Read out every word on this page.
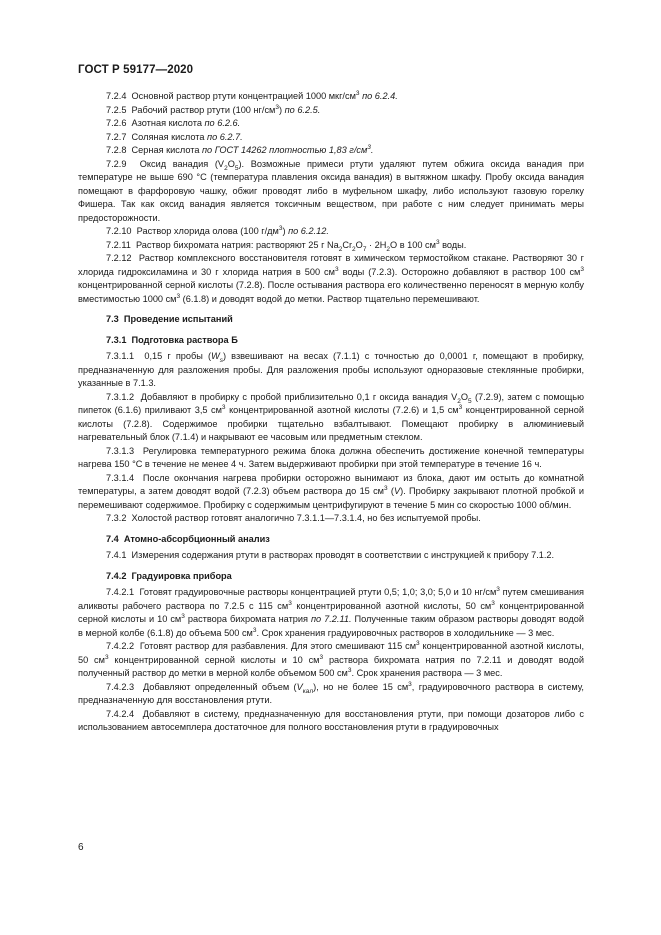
ГОСТ Р 59177—2020
7.2.4  Основной раствор ртути концентрацией 1000 мкг/$см^3$ по 6.2.4.
7.2.5  Рабочий раствор ртути (100 $нг/см^3$) по 6.2.5.
7.2.6  Азотная кислота по 6.2.6.
7.2.7  Соляная кислота по 6.2.7.
7.2.8  Серная кислота по ГОСТ 14262 плотностью 1,83 $г/см^3$.
7.2.9  Оксид ванадия $(V_2O_5)$. Возможные примеси ртути удаляют путем обжига оксида ванадия при температуре не выше 690 °С (температура плавления оксида ванадия) в вытяжном шкафу. Пробу оксида ванадия помещают в фарфоровую чашку, обжиг проводят либо в муфельном шкафу, либо используют газовую горелку Фишера. Так как оксид ванадия является токсичным веществом, при работе с ним следует принимать меры предосторожности.
7.2.10  Раствор хлорида олова (100 $г/дм^3$) по 6.2.12.
7.2.11  Раствор бихромата натрия: растворяют 25 г $Na_2Cr_2O_7 \cdot 2H_2O$ в 100 $см^3$ воды.
7.2.12  Раствор комплексного восстановителя готовят в химическом термостойком стакане. Растворяют 30 г хлорида гидроксиламина и 30 г хлорида натрия в 500 $см^3$ воды (7.2.3). Осторожно добавляют в раствор 100 $см^3$ концентрированной серной кислоты (7.2.8). После остывания раствора его количественно переносят в мерную колбу вместимостью 1000 $см^3$ (6.1.8) и доводят водой до метки. Раствор тщательно перемешивают.
7.3  Проведение испытаний
7.3.1  Подготовка раствора Б
7.3.1.1  0,15 г пробы $(W_s)$ взвешивают на весах (7.1.1) с точностью до 0,0001 г, помещают в пробирку, предназначенную для разложения пробы. Для разложения пробы используют одноразовые стеклянные пробирки, указанные в 7.1.3.
7.3.1.2  Добавляют в пробирку с пробой приблизительно 0,1 г оксида ванадия $V_2O_5$ (7.2.9), затем с помощью пипеток (6.1.6) приливают 3,5 $см^3$ концентрированной азотной кислоты (7.2.6) и 1,5 $см^3$ концентрированной серной кислоты (7.2.8). Содержимое пробирки тщательно взбалтывают. Помещают пробирку в алюминиевый нагревательный блок (7.1.4) и накрывают ее часовым или предметным стеклом.
7.3.1.3  Регулировка температурного режима блока должна обеспечить достижение конечной температуры нагрева 150 °С в течение не менее 4 ч. Затем выдерживают пробирки при этой температуре в течение 16 ч.
7.3.1.4  После окончания нагрева пробирки осторожно вынимают из блока, дают им остыть до комнатной температуры, а затем доводят водой (7.2.3) объем раствора до 15 $см^3$ (V). Пробирку закрывают плотной пробкой и перемешивают содержимое. Пробирку с содержимым центрифугируют в течение 5 мин со скоростью 1000 об/мин.
7.3.2  Холостой раствор готовят аналогично 7.3.1.1—7.3.1.4, но без испытуемой пробы.
7.4  Атомно-абсорбционный анализ
7.4.1  Измерения содержания ртути в растворах проводят в соответствии с инструкцией к прибору 7.1.2.
7.4.2  Градуировка прибора
7.4.2.1  Готовят градуировочные растворы концентрацией ртути 0,5; 1,0; 3,0; 5,0 и 10 $нг/см^3$ путем смешивания аликвоты рабочего раствора по 7.2.5 с 115 $см^3$ концентрированной азотной кислоты, 50 $см^3$ концентрированной серной кислоты и 10 $см^3$ раствора бихромата натрия по 7.2.11. Полученные таким образом растворы доводят водой в мерной колбе (6.1.8) до объема 500 $см^3$. Срок хранения градуировочных растворов в холодильнике — 3 мес.
7.4.2.2  Готовят раствор для разбавления. Для этого смешивают 115 $см^3$ концентрированной азотной кислоты, 50 $см^3$ концентрированной серной кислоты и 10 $см^3$ раствора бихромата натрия по 7.2.11 и доводят водой полученный раствор до метки в мерной колбе объемом 500 $см^3$. Срок хранения раствора — 3 мес.
7.4.2.3  Добавляют определенный объем $(V_{кал})$, но не более 15 $см^3$, градуировочного раствора в систему, предназначенную для восстановления ртути.
7.4.2.4  Добавляют в систему, предназначенную для восстановления ртути, при помощи дозаторов либо с использованием автосемплера достаточное для полного восстановления ртути в градуировочных
6
